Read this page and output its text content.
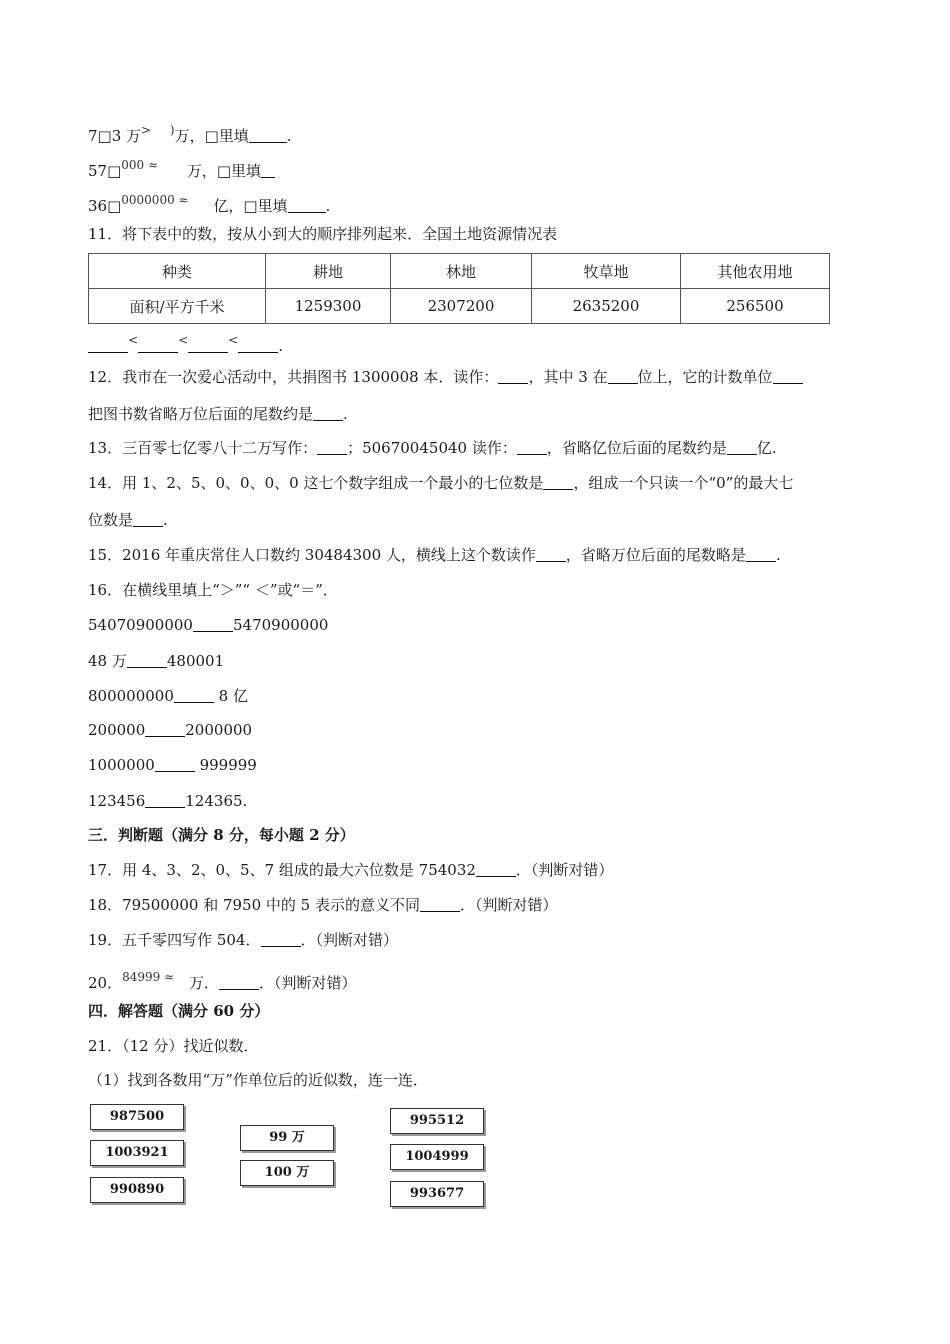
7□3 万> )万，□里填	.
57□$^{000 \approx}$ 万，□里填
36□$^{0000000 \approx}$ 亿，□里填	.
11．将下表中的数，按从小到大的顺序排列起来．全国土地资源情况表
种类	耕地	林地	牧草地	其他农用地
面积/平方千米	1259300	2307200	2635200	256500
<	<	<	.
12．我市在一次爱心活动中，共捐图书 1300008 本．读作： ，其中 3 在 位上，它的计数单位
把图书数省略万位后面的尾数约是 .
13．三百零七亿零八十二万写作： ；50670045040 读作： ，省略亿位后面的尾数约是 亿.
14．用 1、2、5、0、0、0、0 这七个数字组成一个最小的七位数是 ，组成一个只读一个“0”的最大七
位数是 .
15．2016 年重庆常住人口数约 30484300 人，横线上这个数读作 ，省略万位后面的尾数略是 .
16．在横线里填上“＞”“ ＜”或“＝”．
54070900000	5470900000
48 万	480001
800000000	8 亿
200000	2000000
1000000	999999
123456	124365.
三．判断题（满分 8 分，每小题 2 分）
17．用 4、3、2、0、5、7 组成的最大六位数是 754032	．（判断对错）
18．79500000 和 7950 中的 5 表示的意义不同	．（判断对错）
19．五千零四写作 504．	．（判断对错）
20．$^{84999 \approx}$ 万．	．（判断对错）
四．解答题（满分 60 分）
21．（12 分）找近似数．
（1）找到各数用“万”作单位后的近似数，连一连．
987500
1003921
990890
99 万
100 万
995512
1004999
993677
